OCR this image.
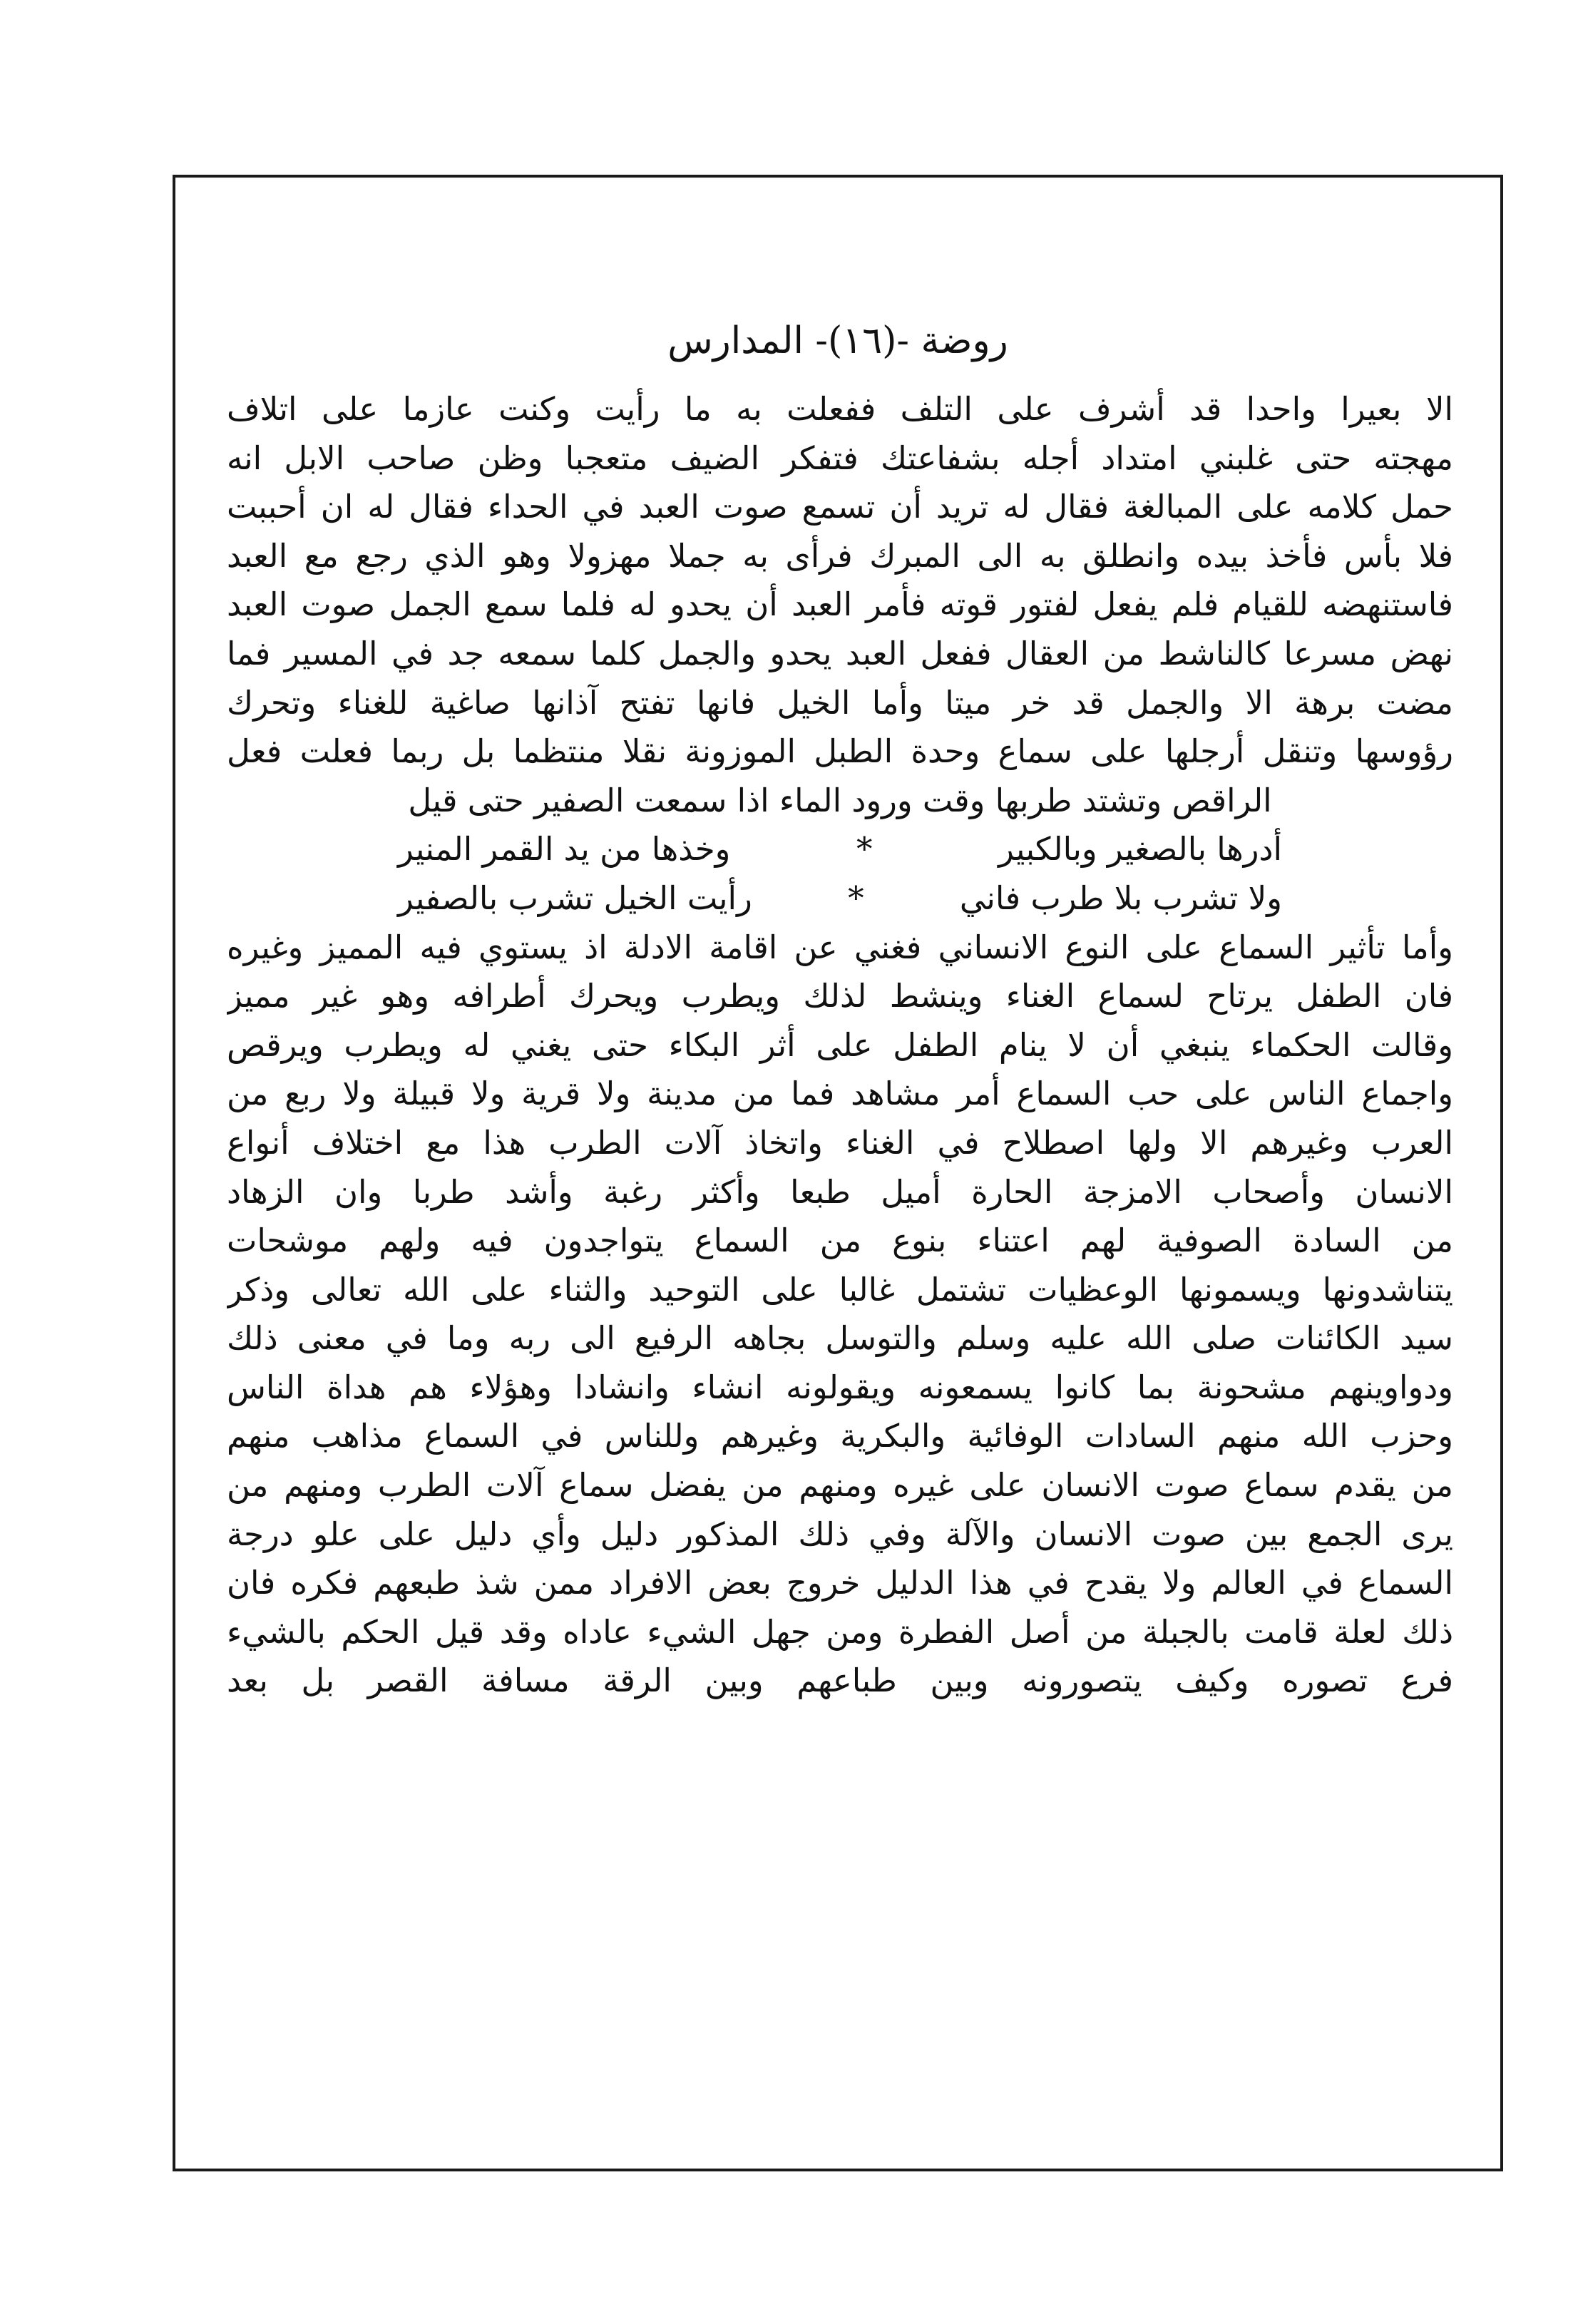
روضة -(١٦)- المدارس
الا بعيرا واحدا قد أشرف على التلف ففعلت به ما رأيت وكنت عازما على اتلاف
مهجته حتى غلبني امتداد أجله بشفاعتك فتفكر الضيف متعجبا وظن صاحب الابل انه
حمل كلامه على المبالغة فقال له تريد أن تسمع صوت العبد في الحداء فقال له ان أحببت
فلا بأس فأخذ بيده وانطلق به الى المبرك فرأى به جملا مهزولا وهو الذي رجع مع العبد
فاستنهضه للقيام فلم يفعل لفتور قوته فأمر العبد أن يحدو له فلما سمع الجمل صوت العبد
نهض مسرعا كالناشط من العقال ففعل العبد يحدو والجمل كلما سمعه جد في المسير فما
مضت برهة الا والجمل قد خر ميتا وأما الخيل فانها تفتح آذانها صاغية للغناء وتحرك
رؤوسها وتنقل أرجلها على سماع وحدة الطبل الموزونة نقلا منتظما بل ربما فعلت فعل
الراقص وتشتد طربها وقت ورود الماء اذا سمعت الصفير حتى قيل
أدرها بالصغير وبالكبير
*
وخذها من يد القمر المنير
ولا تشرب بلا طرب فاني
*
رأيت الخيل تشرب بالصفير
وأما تأثير السماع على النوع الانساني فغني عن اقامة الادلة اذ يستوي فيه المميز وغيره
فان الطفل يرتاح لسماع الغناء وينشط لذلك ويطرب ويحرك أطرافه وهو غير مميز
وقالت الحكماء ينبغي أن لا ينام الطفل على أثر البكاء حتى يغني له ويطرب ويرقص
واجماع الناس على حب السماع أمر مشاهد فما من مدينة ولا قرية ولا قبيلة ولا ربع من
العرب وغيرهم الا ولها اصطلاح في الغناء واتخاذ آلات الطرب هذا مع اختلاف أنواع
الانسان وأصحاب الامزجة الحارة أميل طبعا وأكثر رغبة وأشد طربا وان الزهاد
من السادة الصوفية لهم اعتناء بنوع من السماع يتواجدون فيه ولهم موشحات
يتناشدونها ويسمونها الوعظيات تشتمل غالبا على التوحيد والثناء على الله تعالى وذكر
سيد الكائنات صلى الله عليه وسلم والتوسل بجاهه الرفيع الى ربه وما في معنى ذلك
ودواوينهم مشحونة بما كانوا يسمعونه ويقولونه انشاء وانشادا وهؤلاء هم هداة الناس
وحزب الله منهم السادات الوفائية والبكرية وغيرهم وللناس في السماع مذاهب منهم
من يقدم سماع صوت الانسان على غيره ومنهم من يفضل سماع آلات الطرب ومنهم من
يرى الجمع بين صوت الانسان والآلة وفي ذلك المذكور دليل وأي دليل على علو درجة
السماع في العالم ولا يقدح في هذا الدليل خروج بعض الافراد ممن شذ طبعهم فكره فان
ذلك لعلة قامت بالجبلة من أصل الفطرة ومن جهل الشيء عاداه وقد قيل الحكم بالشيء
فرع تصوره وكيف يتصورونه وبين طباعهم وبين الرقة مسافة القصر بل بعد
